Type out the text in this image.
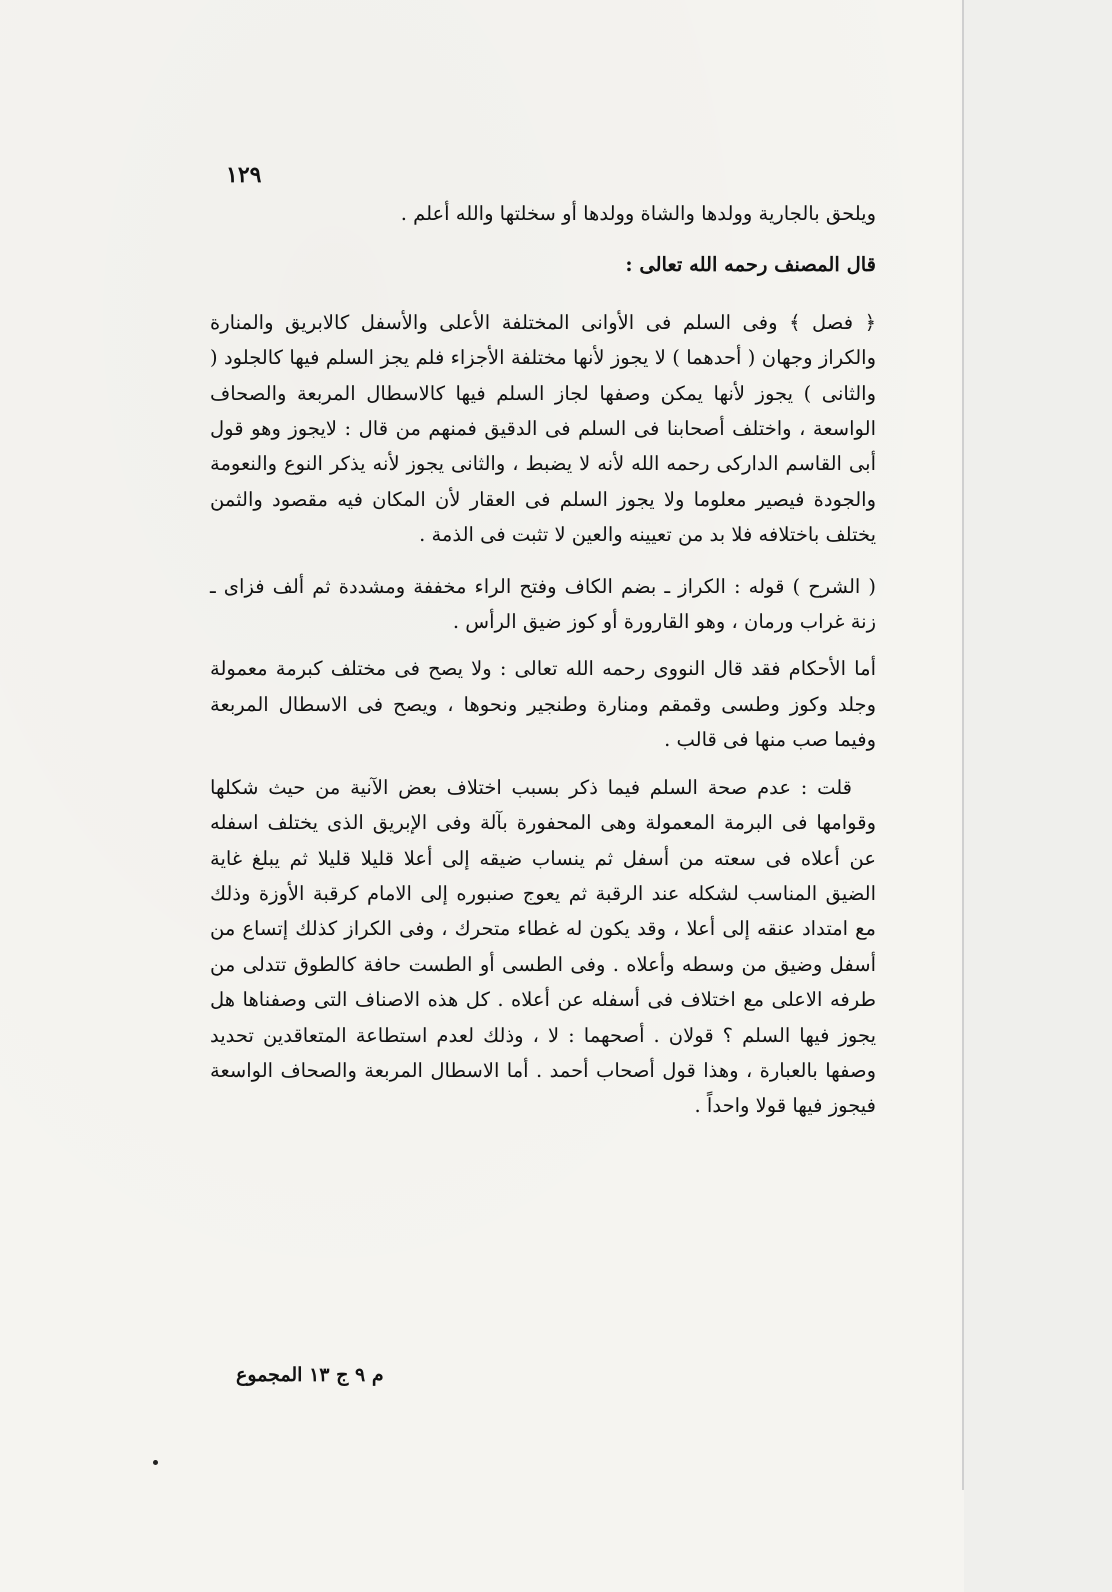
١٢٩

ويلحق بالجارية وولدها والشاة وولدها أو سخلتها والله أعلم .

قال المصنف رحمه الله تعالى :

﴿ فصل ﴾ وفى السلم فى الأوانى المختلفة الأعلى والأسفل كالابريق والمنارة والكراز وجهان ( أحدهما ) لا يجوز لأنها مختلفة الأجزاء فلم يجز السلم فيها كالجلود ( والثانى ) يجوز لأنها يمكن وصفها لجاز السلم فيها كالاسطال المربعة والصحاف الواسعة ، واختلف أصحابنا فى السلم فى الدقيق فمنهم من قال : لايجوز وهو قول أبى القاسم الداركى رحمه الله لأنه لا يضبط ، والثانى يجوز لأنه يذكر النوع والنعومة والجودة فيصير معلوما ولا يجوز السلم فى العقار لأن المكان فيه مقصود والثمن يختلف باختلافه فلا بد من تعيينه والعين لا تثبت فى الذمة .

( الشرح ) قوله : الكراز ـ بضم الكاف وفتح الراء مخففة ومشددة ثم ألف فزاى ـ زنة غراب ورمان ، وهو القارورة أو كوز ضيق الرأس .

أما الأحكام فقد قال النووى رحمه الله تعالى : ولا يصح فى مختلف كبرمة معمولة وجلد وكوز وطسى وقمقم ومنارة وطنجير ونحوها ، ويصح فى الاسطال المربعة وفيما صب منها فى قالب .

قلت : عدم صحة السلم فيما ذكر بسبب اختلاف بعض الآنية من حيث شكلها وقوامها فى البرمة المعمولة وهى المحفورة بآلة وفى الإبريق الذى يختلف اسفله عن أعلاه فى سعته من أسفل ثم ينساب ضيقه إلى أعلا قليلا قليلا ثم يبلغ غاية الضيق المناسب لشكله عند الرقبة ثم يعوج صنبوره إلى الامام كرقبة الأوزة وذلك مع امتداد عنقه إلى أعلا ، وقد يكون له غطاء متحرك ، وفى الكراز كذلك إتساع من أسفل وضيق من وسطه وأعلاه . وفى الطسى أو الطست حافة كالطوق تتدلى من طرفه الاعلى مع اختلاف فى أسفله عن أعلاه . كل هذه الاصناف التى وصفناها هل يجوز فيها السلم ؟ قولان . أصحهما : لا ، وذلك لعدم استطاعة المتعاقدين تحديد وصفها بالعبارة ، وهذا قول أصحاب أحمد . أما الاسطال المربعة والصحاف الواسعة فيجوز فيها قولا واحداً .

م ٩ ج ١٣ المجموع
